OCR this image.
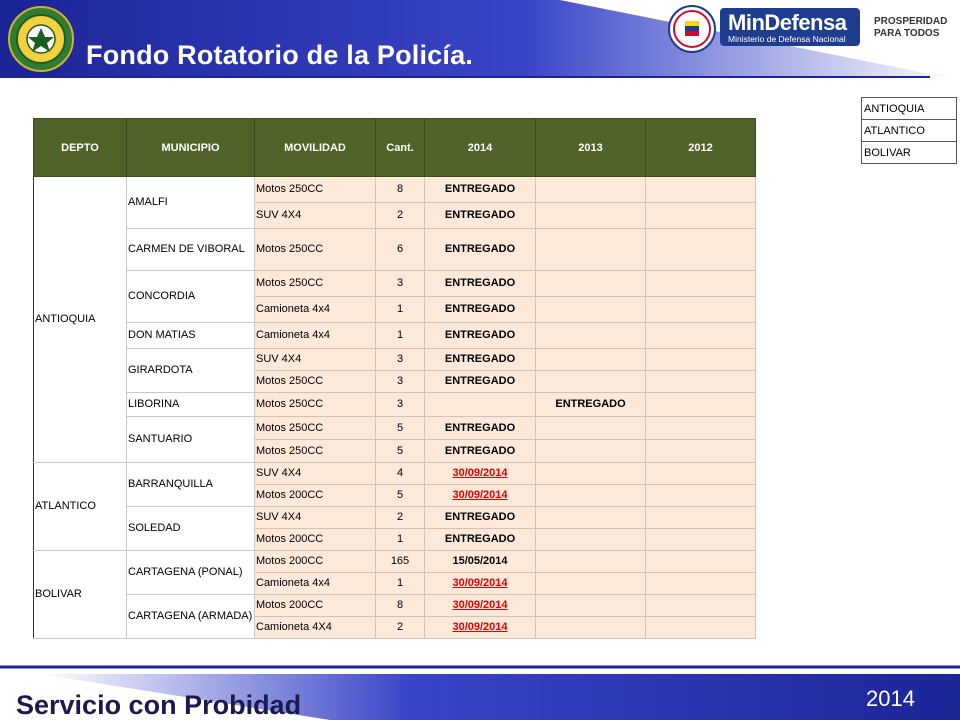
Fondo Rotatorio de la Policía.
MinDefensa
Ministerio de Defensa Nacional
PROSPERIDAD
PARA TODOS
DEPTO	MUNICIPIO	MOVILIDAD	Cant.	2014	2013	2012
ANTIOQUIA	AMALFI	Motos 250CC	8	ENTREGADO		
		SUV 4X4	2	ENTREGADO		
	CARMEN DE VIBORAL	Motos 250CC	6	ENTREGADO		
	CONCORDIA	Motos 250CC	3	ENTREGADO		
		Camioneta 4x4	1	ENTREGADO		
	DON MATIAS	Camioneta 4x4	1	ENTREGADO		
	GIRARDOTA	SUV 4X4	3	ENTREGADO		
		Motos 250CC	3	ENTREGADO		
	LIBORINA	Motos 250CC	3		ENTREGADO	
	SANTUARIO	Motos 250CC	5	ENTREGADO		
		Motos 250CC	5	ENTREGADO		
ATLANTICO	BARRANQUILLA	SUV 4X4	4	30/09/2014		
		Motos 200CC	5	30/09/2014		
	SOLEDAD	SUV 4X4	2	ENTREGADO		
		Motos 200CC	1	ENTREGADO		
BOLIVAR	CARTAGENA (PONAL)	Motos 200CC	165	15/05/2014		
		Camioneta 4x4	1	30/09/2014		
	CARTAGENA (ARMADA)	Motos 200CC	8	30/09/2014		
		Camioneta 4X4	2	30/09/2014		
ANTIOQUIA
ATLANTICO
BOLIVAR
Servicio con Probidad	2014
